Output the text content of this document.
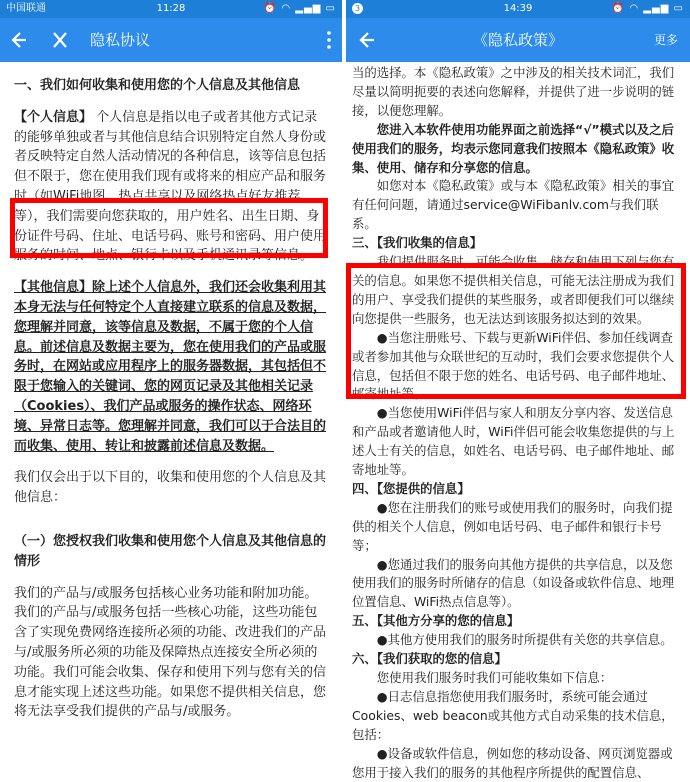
中国联通	11:28	⏰ ◠ ▂▄▆ ▭
隐私协议

一、我们如何收集和使用您的个人信息及其他信息

【个人信息】 个人信息是指以电子或者其他方式记录的能够单独或者与其他信息结合识别特定自然人身份或者反映特定自然人活动情况的各种信息，该等信息包括但不限于，您在使用我们现有或将来的相应产品和服务时（如WiFi地图、热点共享以及网络热点好友推荐等），我们需要向您获取的，用户姓名、出生日期、身份证件号码、住址、电话号码、账号和密码、用户使用服务的时间、地点、银行卡以及手机通讯录等信息。

【其他信息】除上述个人信息外，我们还会收集利用其本身无法与任何特定个人直接建立联系的信息及数据，您理解并同意，该等信息及数据，不属于您的个人信息。前述信息及数据主要为，您在使用我们的产品或服务时，在网站或应用程序上的服务器数据，其包括但不限于您输入的关键词、您的网页记录及其他相关记录（Cookies）、我们产品或服务的操作状态、网络环境、异常日志等。您理解并同意，我们可以于合法目的而收集、使用、转让和披露前述信息及数据。

我们仅会出于以下目的，收集和使用您的个人信息及其他信息：

（一）您授权我们收集和使用您个人信息及其他信息的情形

我们的产品与/或服务包括核心业务功能和附加功能。我们的产品与/或服务包括一些核心功能，这些功能包含了实现免费网络连接所必须的功能、改进我们的产品与/或服务所必须的功能及保障热点连接安全所必须的功能。我们可能会收集、保存和使用下列与您有关的信息才能实现上述这些功能。如果您不提供相关信息，您将无法享受我们提供的产品与/或服务。

3	14:39	⏰ ◠ ▂▄▆ ▭
《隐私政策》	更多

当的选择。本《隐私政策》之中涉及的相关技术词汇，我们尽量以简明扼要的表述向您解释，并提供了进一步说明的链接，以便您理解。

您进入本软件使用功能界面之前选择“√”模式以及之后使用我们的服务，均表示您同意我们按照本《隐私政策》收集、使用、储存和分享您的信息。

如您对本《隐私政策》或与本《隐私政策》相关的事宜有任何问题，请通过service@WiFibanlv.com与我们联系。

三、【我们收集的信息】

我们提供服务时，可能会收集、储存和使用下列与您有关的信息。如果您不提供相关信息，可能无法注册成为我们的用户、享受我们提供的某些服务，或者即便我们可以继续向您提供一些服务，也无法达到该服务拟达到的效果。

●当您注册账号、下载与更新WiFi伴侣、参加任线调查或者参加其他与众联世纪的互动时，我们会要求您提供个人信息，包括但不限于您的姓名、电话号码、电子邮件地址、邮寄地址等。

●当您使用WiFi伴侣与家人和朋友分享内容、发送信息和产品或者邀请他人时，WiFi伴侣可能会收集您提供的与上述人士有关的信息，如姓名、电话号码、电子邮件地址、邮寄地址等。

四、【您提供的信息】

●您在注册我们的账号或使用我们的服务时，向我们提供的相关个人信息，例如电话号码、电子邮件和银行卡号等；

●您通过我们的服务向其他方提供的共享信息，以及您使用我们的服务时所储存的信息（如设备或软件信息、地理位置信息、WiFi热点信息等）。

五、【其他方分享的您的信息】

●其他方使用我们的服务时所提供有关您的共享信息。

六、【我们获取的您的信息】

您使用我们服务时我们可能收集如下信息：

●日志信息指您使用我们服务时，系统可能会通过Cookies、web beacon或其他方式自动采集的技术信息，包括：

●设备或软件信息，例如您的移动设备、网页浏览器或您用于接入我们的服务的其他程序所提供的配置信息、
